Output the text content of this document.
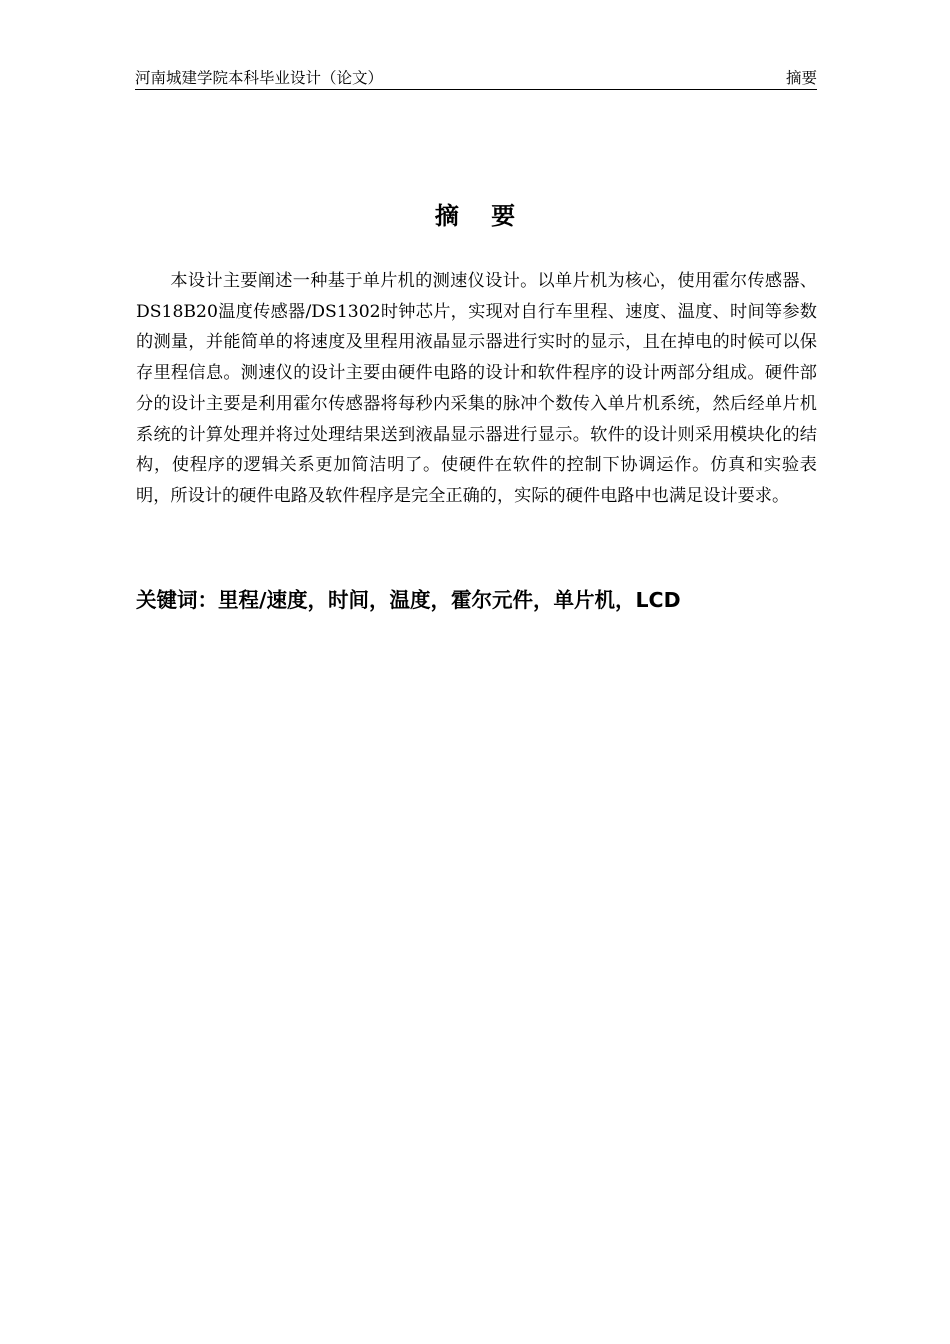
河南城建学院本科毕业设计（论文）	摘要
摘 要

本设计主要阐述一种基于单片机的测速仪设计。以单片机为核心，使用霍尔传感器、DS18B20温度传感器/DS1302时钟芯片，实现对自行车里程、速度、温度、时间等参数的测量，并能简单的将速度及里程用液晶显示器进行实时的显示，且在掉电的时候可以保存里程信息。测速仪的设计主要由硬件电路的设计和软件程序的设计两部分组成。硬件部分的设计主要是利用霍尔传感器将每秒内采集的脉冲个数传入单片机系统，然后经单片机系统的计算处理并将过处理结果送到液晶显示器进行显示。软件的设计则采用模块化的结构，使程序的逻辑关系更加简洁明了。使硬件在软件的控制下协调运作。仿真和实验表明，所设计的硬件电路及软件程序是完全正确的，实际的硬件电路中也满足设计要求。

关键词：里程/速度，时间，温度，霍尔元件，单片机，LCD
